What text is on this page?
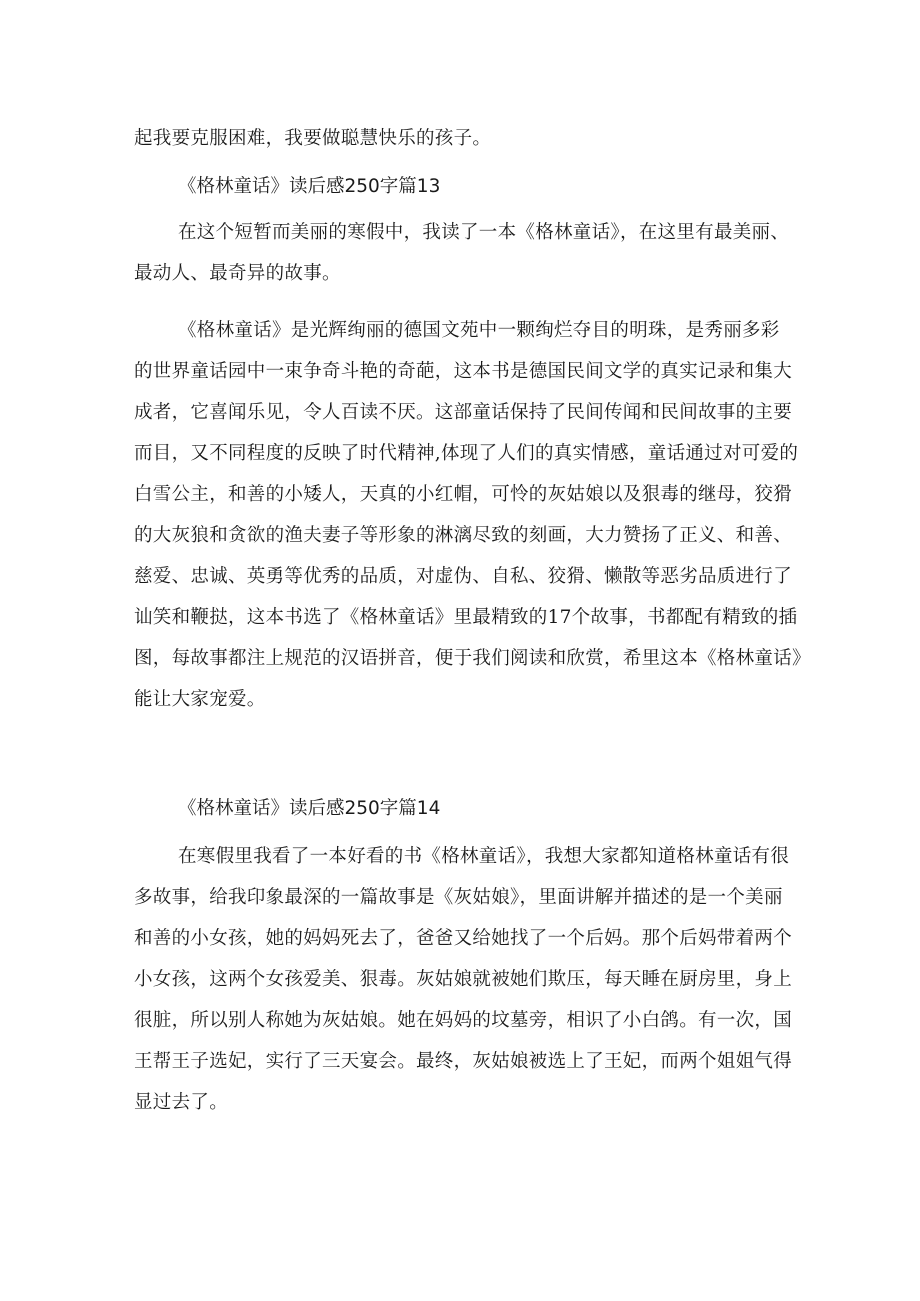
起我要克服困难，我要做聪慧快乐的孩子。

《格林童话》读后感250字篇13

在这个短暂而美丽的寒假中，我读了一本《格林童话》，在这里有最美丽、
最动人、最奇异的故事。

《格林童话》是光辉绚丽的德国文苑中一颗绚烂夺目的明珠，是秀丽多彩
的世界童话园中一束争奇斗艳的奇葩，这本书是德国民间文学的真实记录和集大
成者，它喜闻乐见，令人百读不厌。这部童话保持了民间传闻和民间故事的主要
而目，又不同程度的反映了时代精神,体现了人们的真实情感，童话通过对可爱的
白雪公主，和善的小矮人，天真的小红帽，可怜的灰姑娘以及狠毒的继母，狡猾
的大灰狼和贪欲的渔夫妻子等形象的淋漓尽致的刻画，大力赞扬了正义、和善、
慈爱、忠诚、英勇等优秀的品质，对虚伪、自私、狡猾、懒散等恶劣品质进行了
讪笑和鞭挞，这本书选了《格林童话》里最精致的17个故事，书都配有精致的插
图，每故事都注上规范的汉语拼音，便于我们阅读和欣赏，希里这本《格林童话》
能让大家宠爱。

《格林童话》读后感250字篇14

在寒假里我看了一本好看的书《格林童话》，我想大家都知道格林童话有很
多故事，给我印象最深的一篇故事是《灰姑娘》，里面讲解并描述的是一个美丽
和善的小女孩，她的妈妈死去了，爸爸又给她找了一个后妈。那个后妈带着两个
小女孩，这两个女孩爱美、狠毒。灰姑娘就被她们欺压，每天睡在厨房里，身上
很脏，所以别人称她为灰姑娘。她在妈妈的坟墓旁，相识了小白鸽。有一次，国
王帮王子选妃，实行了三天宴会。最终，灰姑娘被选上了王妃，而两个姐姐气得
显过去了。
